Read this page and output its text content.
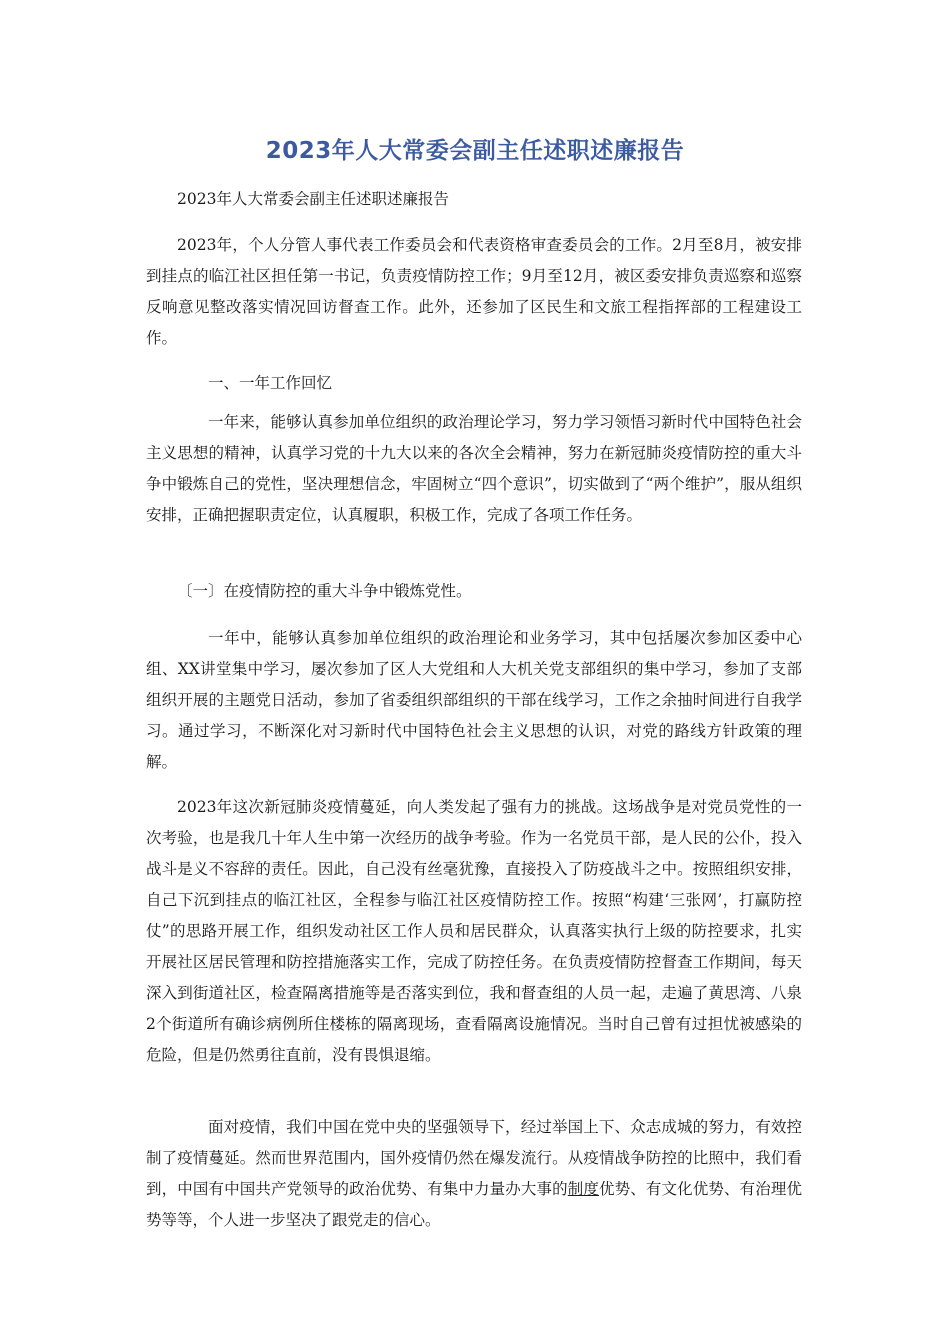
2023年人大常委会副主任述职述廉报告

2023年人大常委会副主任述职述廉报告

2023年，个人分管人事代表工作委员会和代表资格审查委员会的工作。2月至8月，被安排到挂点的临江社区担任第一书记，负责疫情防控工作；9月至12月，被区委安排负责巡察和巡察反响意见整改落实情况回访督查工作。此外，还参加了区民生和文旅工程指挥部的工程建设工作。

一、一年工作回忆

一年来，能够认真参加单位组织的政治理论学习，努力学习领悟习新时代中国特色社会主义思想的精神，认真学习党的十九大以来的各次全会精神，努力在新冠肺炎疫情防控的重大斗争中锻炼自己的党性，坚决理想信念，牢固树立“四个意识”，切实做到了“两个维护”，服从组织安排，正确把握职责定位，认真履职，积极工作，完成了各项工作任务。

〔一〕在疫情防控的重大斗争中锻炼党性。

一年中，能够认真参加单位组织的政治理论和业务学习，其中包括屡次参加区委中心组、XX讲堂集中学习，屡次参加了区人大党组和人大机关党支部组织的集中学习，参加了支部组织开展的主题党日活动，参加了省委组织部组织的干部在线学习，工作之余抽时间进行自我学习。通过学习，不断深化对习新时代中国特色社会主义思想的认识，对党的路线方针政策的理解。

2023年这次新冠肺炎疫情蔓延，向人类发起了强有力的挑战。这场战争是对党员党性的一次考验，也是我几十年人生中第一次经历的战争考验。作为一名党员干部，是人民的公仆，投入战斗是义不容辞的责任。因此，自己没有丝毫犹豫，直接投入了防疫战斗之中。按照组织安排，自己下沉到挂点的临江社区，全程参与临江社区疫情防控工作。按照“构建‘三张网’，打赢防控仗”的思路开展工作，组织发动社区工作人员和居民群众，认真落实执行上级的防控要求，扎实开展社区居民管理和防控措施落实工作，完成了防控任务。在负责疫情防控督查工作期间，每天深入到街道社区，检查隔离措施等是否落实到位，我和督查组的人员一起，走遍了黄思湾、八泉2个街道所有确诊病例所住楼栋的隔离现场，查看隔离设施情况。当时自己曾有过担忧被感染的危险，但是仍然勇往直前，没有畏惧退缩。

面对疫情，我们中国在党中央的坚强领导下，经过举国上下、众志成城的努力，有效控制了疫情蔓延。然而世界范围内，国外疫情仍然在爆发流行。从疫情战争防控的比照中，我们看到，中国有中国共产党领导的政治优势、有集中力量办大事的制度优势、有文化优势、有治理优势等等，个人进一步坚决了跟党走的信心。
